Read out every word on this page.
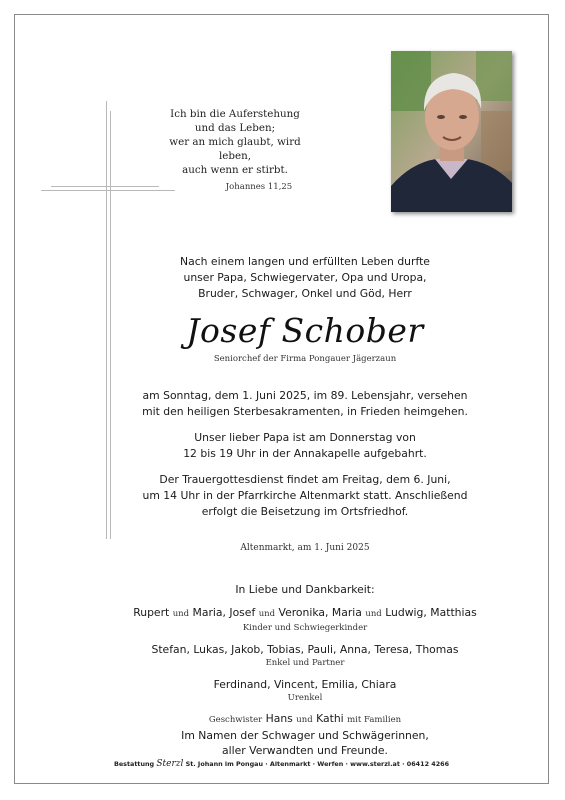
Ich bin die Auferstehung
und das Leben;
wer an mich glaubt, wird leben,
auch wenn er stirbt.
Johannes 11,25
Nach einem langen und erfüllten Leben durfte
unser Papa, Schwiegervater, Opa und Uropa,
Bruder, Schwager, Onkel und Göd, Herr
Josef Schober
Seniorchef der Firma Pongauer Jägerzaun
am Sonntag, dem 1. Juni 2025, im 89. Lebensjahr, versehen
mit den heiligen Sterbesakramenten, in Frieden heimgehen.
Unser lieber Papa ist am Donnerstag von
12 bis 19 Uhr in der Annakapelle aufgebahrt.
Der Trauergottesdienst findet am Freitag, dem 6. Juni,
um 14 Uhr in der Pfarrkirche Altenmarkt statt. Anschließend
erfolgt die Beisetzung im Ortsfriedhof.
Altenmarkt, am 1. Juni 2025
In Liebe und Dankbarkeit:
Rupert und Maria, Josef und Veronika, Maria und Ludwig, Matthias
Kinder und Schwiegerkinder
Stefan, Lukas, Jakob, Tobias, Pauli, Anna, Teresa, Thomas
Enkel und Partner
Ferdinand, Vincent, Emilia, Chiara
Urenkel
Geschwister Hans und Kathi mit Familien
Im Namen der Schwager und Schwägerinnen,
aller Verwandten und Freunde.
Bestattung Sterzl St. Johann im Pongau · Altenmarkt · Werfen · www.sterzl.at · 06412 4266
